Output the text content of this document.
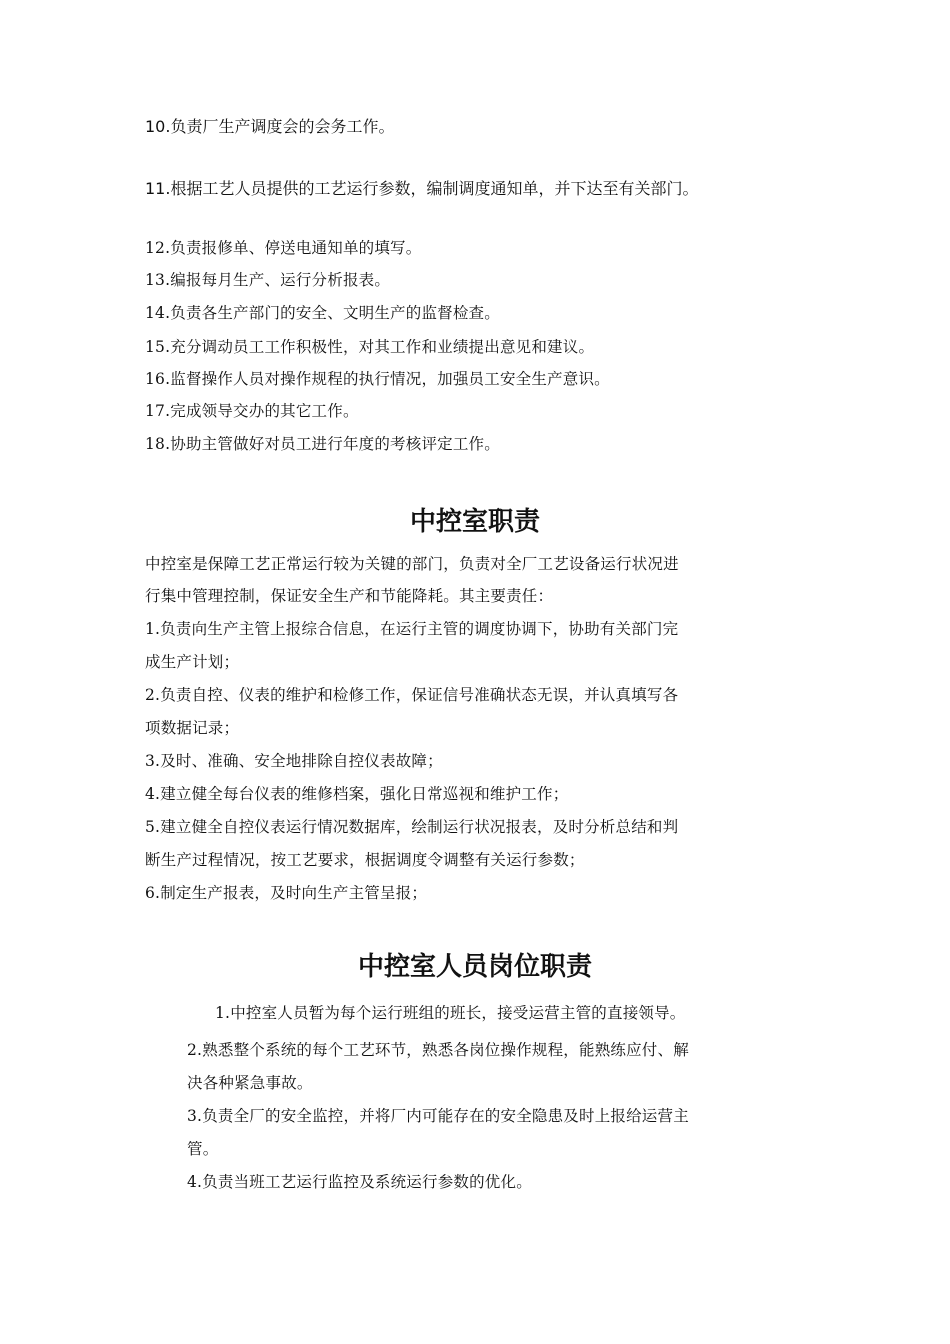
10.负责厂生产调度会的会务工作。
11.根据工艺人员提供的工艺运行参数，编制调度通知单，并下达至有关部门。
12.负责报修单、停送电通知单的填写。
13.编报每月生产、运行分析报表。
14.负责各生产部门的安全、文明生产的监督检查。
15.充分调动员工工作积极性，对其工作和业绩提出意见和建议。
16.监督操作人员对操作规程的执行情况，加强员工安全生产意识。
17.完成领导交办的其它工作。
18.协助主管做好对员工进行年度的考核评定工作。
中控室职责
中控室是保障工艺正常运行较为关键的部门，负责对全厂工艺设备运行状况进
行集中管理控制，保证安全生产和节能降耗。其主要责任：
1.负责向生产主管上报综合信息，在运行主管的调度协调下，协助有关部门完
成生产计划；
2.负责自控、仪表的维护和检修工作，保证信号准确状态无误，并认真填写各
项数据记录；
3.及时、准确、安全地排除自控仪表故障；
4.建立健全每台仪表的维修档案，强化日常巡视和维护工作；
5.建立健全自控仪表运行情况数据库，绘制运行状况报表，及时分析总结和判
断生产过程情况，按工艺要求，根据调度令调整有关运行参数；
6.制定生产报表，及时向生产主管呈报；
中控室人员岗位职责
1.中控室人员暂为每个运行班组的班长，接受运营主管的直接领导。
2.熟悉整个系统的每个工艺环节，熟悉各岗位操作规程，能熟练应付、解
决各种紧急事故。
3.负责全厂的安全监控，并将厂内可能存在的安全隐患及时上报给运营主
管。
4.负责当班工艺运行监控及系统运行参数的优化。
